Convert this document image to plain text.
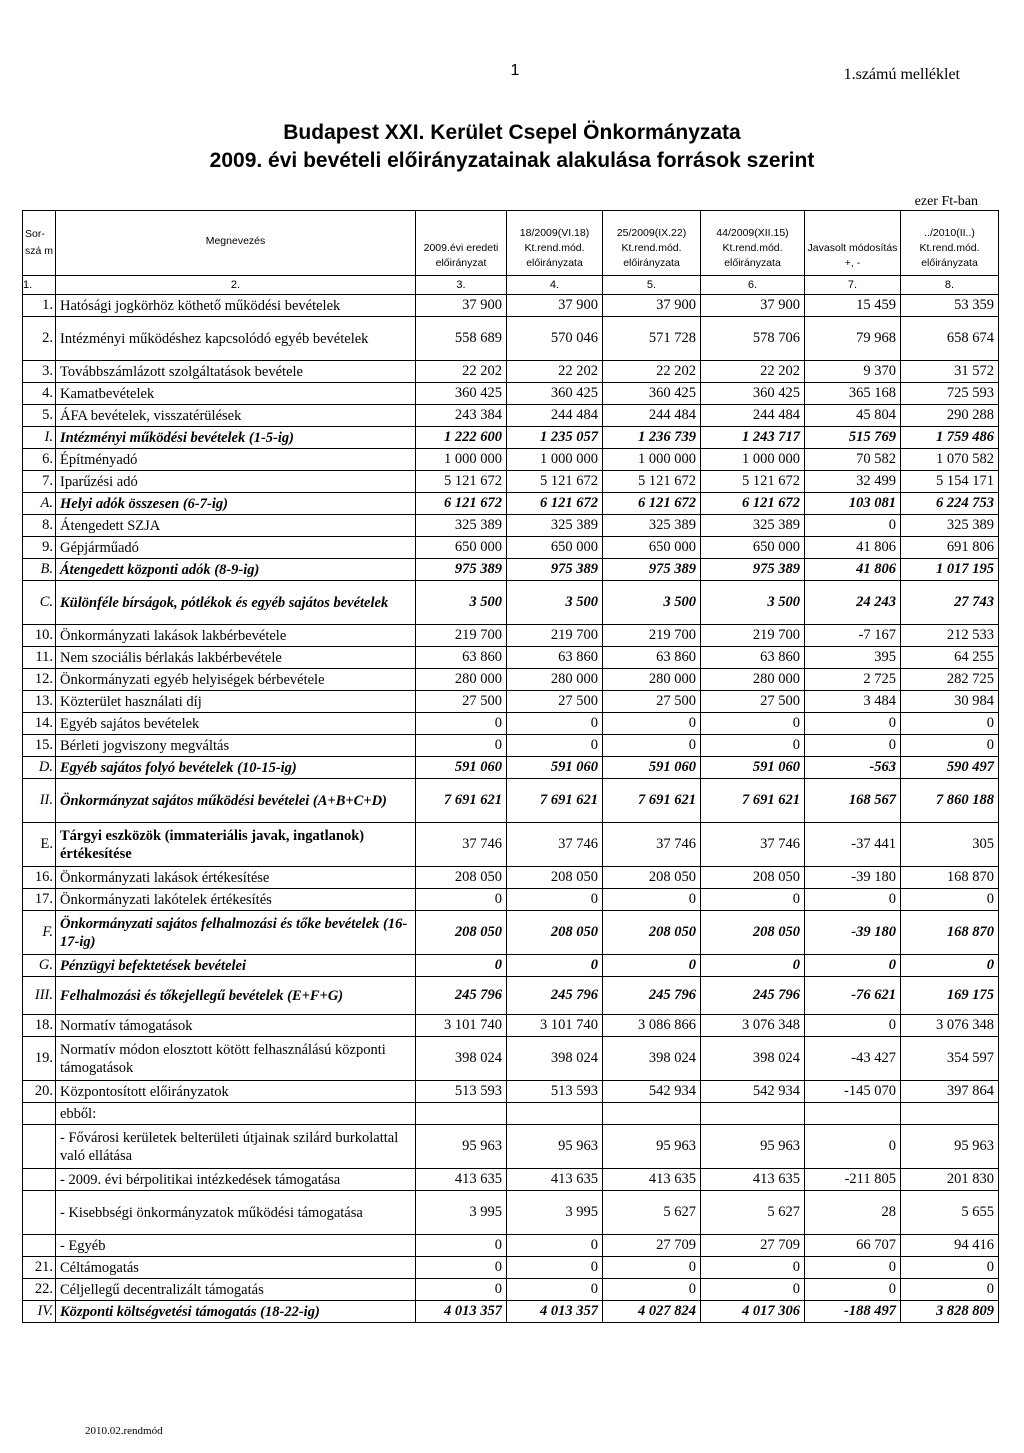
1	1.számú melléklet
Budapest XXI. Kerület Csepel Önkormányzata
2009. évi bevételi előirányzatainak alakulása források szerint
ezer Ft-ban
Sor-szá m	Megnevezés	2009.évi eredeti előirányzat	18/2009(VI.18) Kt.rend.mód. előirányzata	25/2009(IX.22) Kt.rend.mód. előirányzata	44/2009(XII.15) Kt.rend.mód. előirányzata	Javasolt módosítás +, -	../2010(II..) Kt.rend.mód. előirányzata
1.	2.	3.	4.	5.	6.	7.	8.
1.	Hatósági jogkörhöz köthető működési bevételek	37 900	37 900	37 900	37 900	15 459	53 359
2.	Intézményi működéshez kapcsolódó egyéb bevételek	558 689	570 046	571 728	578 706	79 968	658 674
3.	Továbbszámlázott szolgáltatások bevétele	22 202	22 202	22 202	22 202	9 370	31 572
4.	Kamatbevételek	360 425	360 425	360 425	360 425	365 168	725 593
5.	ÁFA bevételek, visszatérülések	243 384	244 484	244 484	244 484	45 804	290 288
I.	Intézményi működési bevételek (1-5-ig)	1 222 600	1 235 057	1 236 739	1 243 717	515 769	1 759 486
6.	Építményadó	1 000 000	1 000 000	1 000 000	1 000 000	70 582	1 070 582
7.	Iparűzési adó	5 121 672	5 121 672	5 121 672	5 121 672	32 499	5 154 171
A.	Helyi adók összesen (6-7-ig)	6 121 672	6 121 672	6 121 672	6 121 672	103 081	6 224 753
8.	Átengedett SZJA	325 389	325 389	325 389	325 389	0	325 389
9.	Gépjárműadó	650 000	650 000	650 000	650 000	41 806	691 806
B.	Átengedett központi adók (8-9-ig)	975 389	975 389	975 389	975 389	41 806	1 017 195
C.	Különféle bírságok, pótlékok és egyéb sajátos bevételek	3 500	3 500	3 500	3 500	24 243	27 743
10.	Önkormányzati lakások lakbérbevétele	219 700	219 700	219 700	219 700	-7 167	212 533
11.	Nem szociális bérlakás lakbérbevétele	63 860	63 860	63 860	63 860	395	64 255
12.	Önkormányzati egyéb helyiségek bérbevétele	280 000	280 000	280 000	280 000	2 725	282 725
13.	Közterület használati díj	27 500	27 500	27 500	27 500	3 484	30 984
14.	Egyéb sajátos bevételek	0	0	0	0	0	0
15.	Bérleti jogviszony megváltás	0	0	0	0	0	0
D.	Egyéb sajátos folyó bevételek (10-15-ig)	591 060	591 060	591 060	591 060	-563	590 497
II.	Önkormányzat sajátos működési bevételei (A+B+C+D)	7 691 621	7 691 621	7 691 621	7 691 621	168 567	7 860 188
E.	Tárgyi eszközök (immateriális javak, ingatlanok) értékesítése	37 746	37 746	37 746	37 746	-37 441	305
16.	Önkormányzati lakások értékesítése	208 050	208 050	208 050	208 050	-39 180	168 870
17.	Önkormányzati lakótelek értékesítés	0	0	0	0	0	0
F.	Önkormányzati sajátos felhalmozási és tőke bevételek (16-17-ig)	208 050	208 050	208 050	208 050	-39 180	168 870
G.	Pénzügyi befektetések bevételei	0	0	0	0	0	0
III.	Felhalmozási és tőkejellegű bevételek (E+F+G)	245 796	245 796	245 796	245 796	-76 621	169 175
18.	Normatív támogatások	3 101 740	3 101 740	3 086 866	3 076 348	0	3 076 348
19.	Normatív módon elosztott kötött felhasználású központi támogatások	398 024	398 024	398 024	398 024	-43 427	354 597
20.	Központosított előirányzatok	513 593	513 593	542 934	542 934	-145 070	397 864
	ebből:						
	- Fővárosi kerületek belterületi útjainak szilárd burkolattal való ellátása	95 963	95 963	95 963	95 963	0	95 963
	- 2009. évi bérpolitikai intézkedések támogatása	413 635	413 635	413 635	413 635	-211 805	201 830
	- Kisebbségi önkormányzatok működési támogatása	3 995	3 995	5 627	5 627	28	5 655
	- Egyéb	0	0	27 709	27 709	66 707	94 416
21.	Céltámogatás	0	0	0	0	0	0
22.	Céljellegű decentralizált támogatás	0	0	0	0	0	0
IV.	Központi költségvetési támogatás (18-22-ig)	4 013 357	4 013 357	4 027 824	4 017 306	-188 497	3 828 809
2010.02.rendmód
